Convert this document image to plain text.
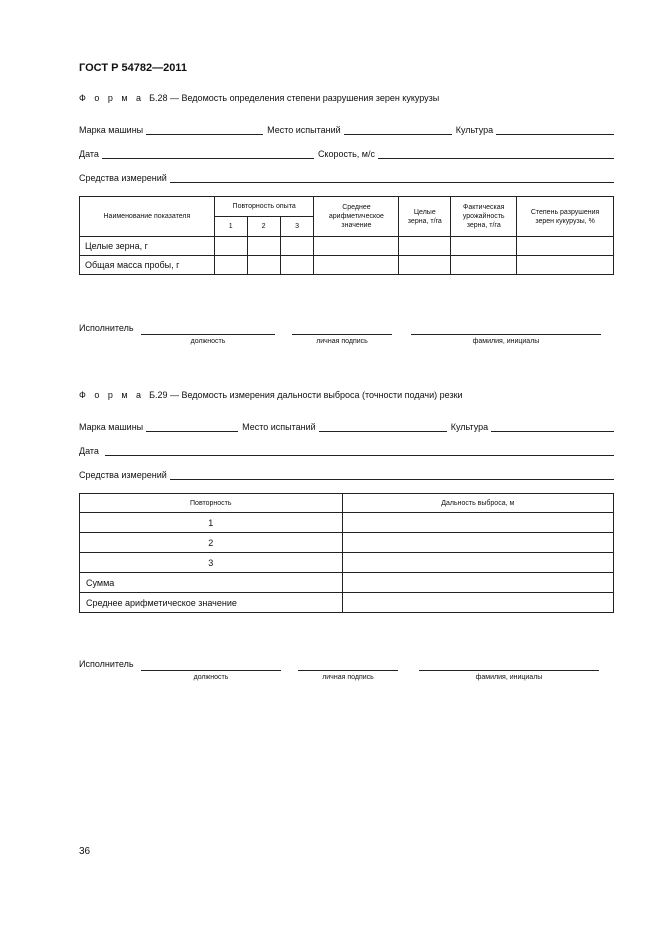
ГОСТ Р 54782—2011
Ф о р м а Б.28 — Ведомость определения степени разрушения зерен кукурузы
Марка машины	Место испытаний	Культура
Дата	Скорость, м/с
Средства измерений
Наименование показателя	Повторность опыта			Среднее арифметическое значение	Целые зерна, т/га	Фактическая урожайность зерна, т/га	Степень разрушения зерен кукурузы, %
	1	2	3				
Целые зерна, г							
Общая масса пробы, г							
Исполнитель
должность	личная подпись	фамилия, инициалы
Ф о р м а Б.29 — Ведомость измерения дальности выброса (точности подачи) резки
Марка машины	Место испытаний	Культура
Дата
Средства измерений
Повторность	Дальность выброса, м
1	
2	
3	
Сумма	
Среднее арифметическое значение	
Исполнитель
должность	личная подпись	фамилия, инициалы
36
